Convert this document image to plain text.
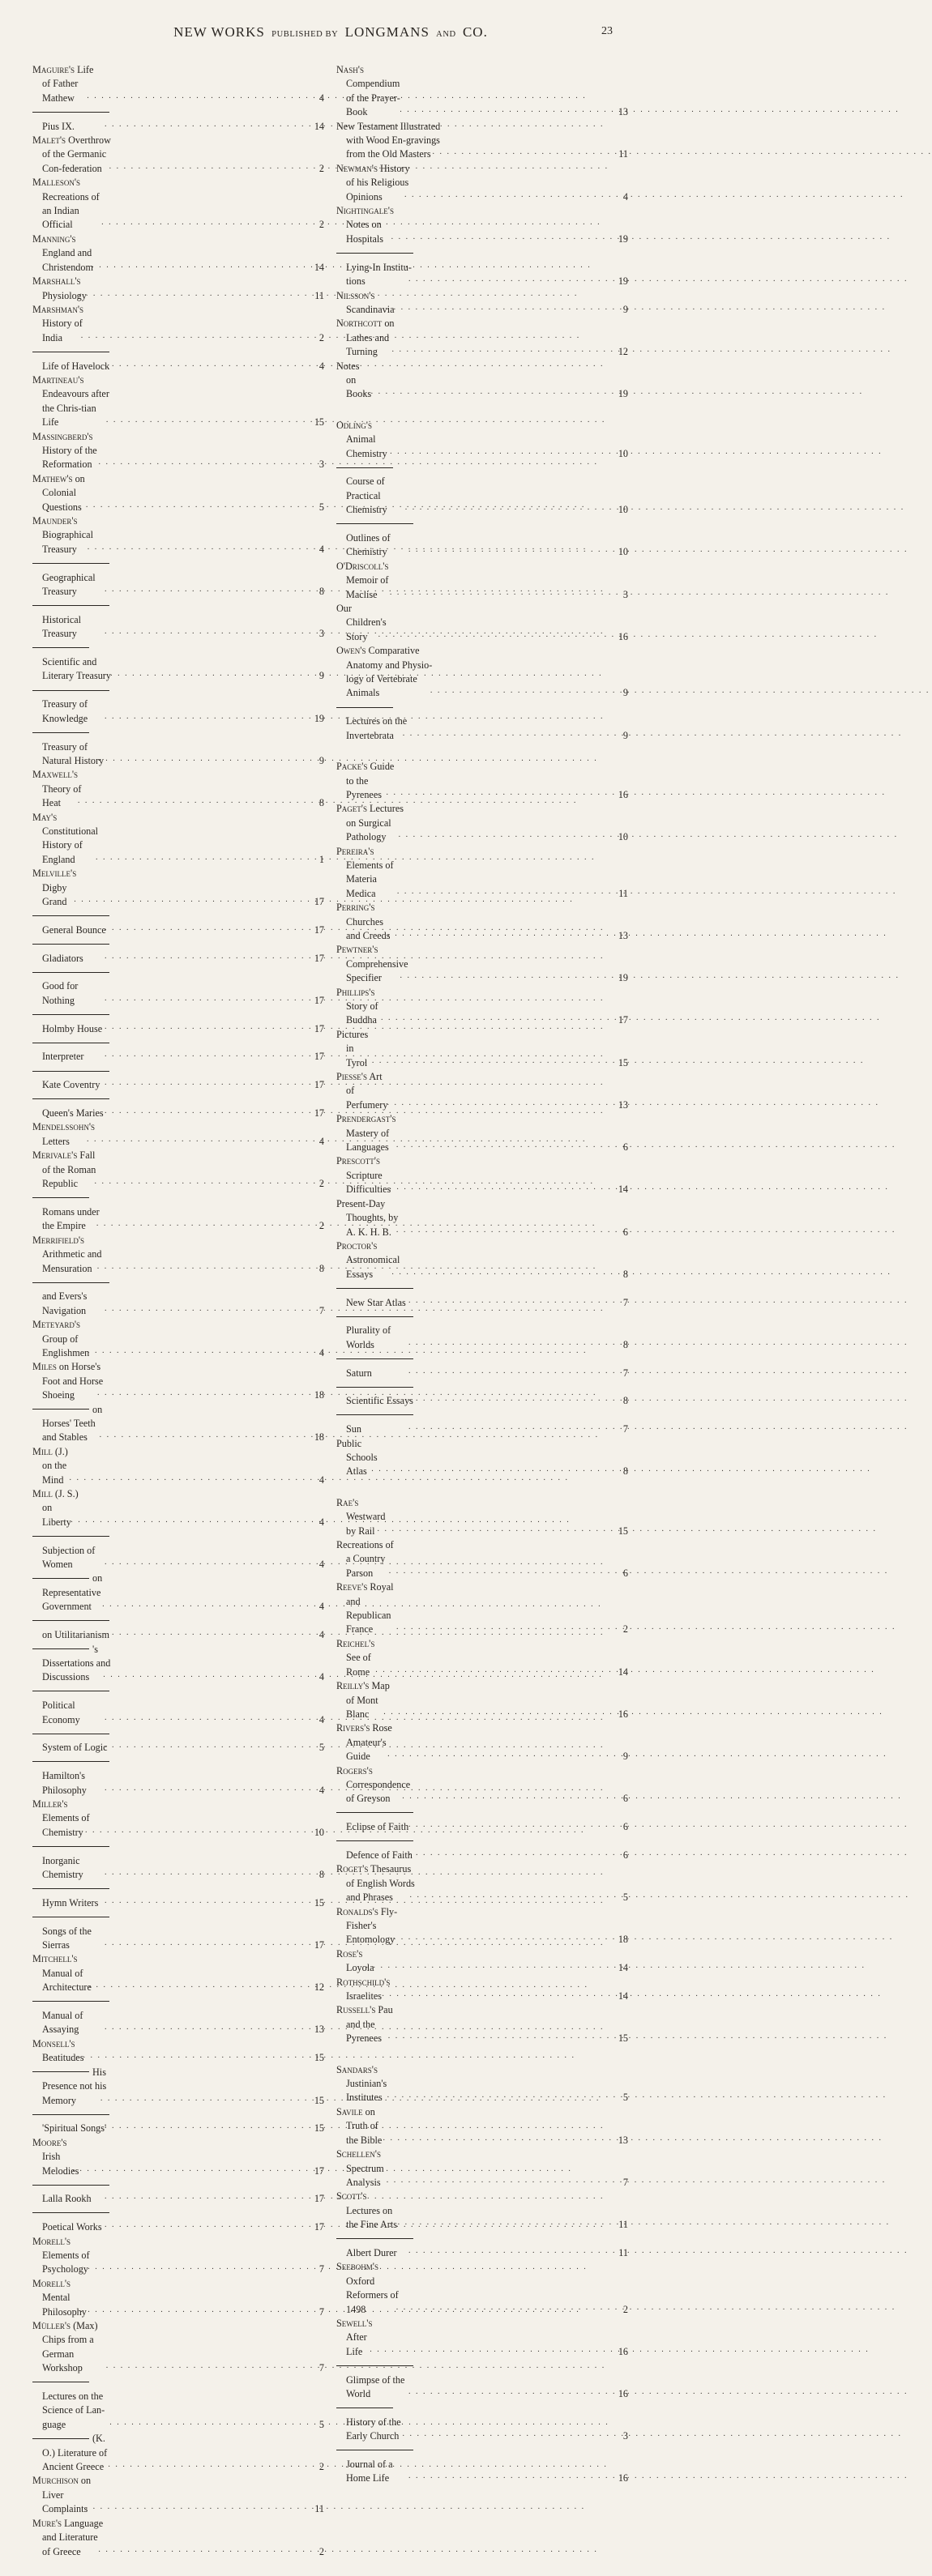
NEW WORKS PUBLISHED BY LONGMANS AND CO.	23
Maguire's Life of Father Mathew . . .	4
Pius IX. . . .	14
Malet's Overthrow of the Germanic Con-federation . . .	2
Malleson's Recreations of an Indian Official . . .	2
Manning's England and Christendom . . .	14
Marshall's Physiology . . .	11
Marshman's History of India . . .	2
Life of Havelock . . .	4
Martineau's Endeavours after the Chris-tian Life . . .	15
Massingberd's History of the Reformation . . .	3
Mathew's on Colonial Questions . . .	5
Maunder's Biographical Treasury . . .	4
Geographical Treasury . . .	8
Historical Treasury . . .	3
Scientific and Literary Treasury . . .	9
Treasury of Knowledge . . .	19
Treasury of Natural History . . .	9
Maxwell's Theory of Heat . . .	8
May's Constitutional History of England . . .	1
Melville's Digby Grand . . .	17
General Bounce . . .	17
Gladiators . . .	17
Good for Nothing . . .	17
Holmby House . . .	17
Interpreter . . .	17
Kate Coventry . . .	17
Queen's Maries . . .	17
Mendelssohn's Letters . . .	4
Merivale's Fall of the Roman Republic . . .	2
Romans under the Empire . . .	2
Merrifield's Arithmetic and Mensuration . . .	8
and Evers's Navigation . . .	7
Meteyard's Group of Englishmen . . .	4
Miles on Horse's Foot and Horse Shoeing . . .	18
on Horses' Teeth and Stables . . .	18
Mill (J.) on the Mind . . .	4
Mill (J. S.) on Liberty . . .	4
Subjection of Women . . .	4
on Representative Government . . .	4
on Utilitarianism . . .	4
's Dissertations and Discussions . . .	4
Political Economy . . .	4
System of Logic . . .	5
Hamilton's Philosophy . . .	4
Miller's Elements of Chemistry . . .	10
Inorganic Chemistry . . .	8
Hymn Writers . . .	15
Songs of the Sierras . . .	17
Mitchell's Manual of Architecture . . .	12
Manual of Assaying . . .	13
Monsell's Beatitudes . . .	15
His Presence not his Memory . . .	15
'Spiritual Songs' . . .	15
Moore's Irish Melodies . . .	17
Lalla Rookh . . .	17
Poetical Works . . .	17
Morell's Elements of Psychology . . .	7
Morell's Mental Philosophy . . .	7
Müller's (Max) Chips from a German Workshop . . .	7
Lectures on the Science of Lan-guage . . .	5
(K. O.) Literature of Ancient Greece . . .	2
Murchison on Liver Complaints . . .	11
Mure's Language and Literature of Greece . . .	2
Nash's Compendium of the Prayer-Book . . .	13
New Testament Illustrated with Wood En-gravings from the Old Masters . . .	11
Newman's History of his Religious Opinions . . .	4
Nightingale's Notes on Hospitals . . .	19
Lying-In Institu-tions . . .	19
Nilsson's Scandinavia . . .	9
Northcott on Lathes and Turning . . .	12
Notes on Books . . .	19
Odling's Animal Chemistry . . .	10
Course of Practical Chemistry . . .	10
Outlines of Chemistry . . .	10
O'Driscoll's Memoir of Maclise . . .	3
Our Children's Story . . .	16
Owen's Comparative Anatomy and Physio-logy of Vertebrate Animals . . .	9
Lectures on the Invertebrata . . .	9
Packe's Guide to the Pyrenees . . .	16
Paget's Lectures on Surgical Pathology . . .	10
Pereira's Elements of Materia Medica . . .	11
Perring's Churches and Creeds . . .	13
Pewtner's Comprehensive Specifier . . .	19
Phillips's Story of Buddha . . .	17
Pictures in Tyrol . . .	15
Piesse's Art of Perfumery . . .	13
Prendergast's Mastery of Languages . . .	6
Prescott's Scripture Difficulties . . .	14
Present-Day Thoughts, by A. K. H. B. . . .	6
Proctor's Astronomical Essays . . .	8
New Star Atlas . . .	7
Plurality of Worlds . . .	8
Saturn . . .	7
Scientific Essays . . .	8
Sun . . .	7
Public Schools Atlas . . .	8
Rae's Westward by Rail . . .	15
Recreations of a Country Parson . . .	6
Reeve's Royal and Republican France . . .	2
Reichel's See of Rome . . .	14
Reilly's Map of Mont Blanc . . .	16
Rivers's Rose Amateur's Guide . . .	9
Rogers's Correspondence of Greyson . . .	6
Eclipse of Faith . . .	6
Defence of Faith . . .	6
Roget's Thesaurus of English Words and Phrases . . .	5
Ronalds's Fly-Fisher's Entomology . . .	18
Rose's Loyola . . .	14
Rothschild's Israelites . . .	14
Russell's Pau and the Pyrenees . . .	15
Sandars's Justinian's Institutes . . .	5
Savile on Truth of the Bible . . .	13
Schellen's Spectrum Analysis . . .	7
Scott's Lectures on the Fine Arts . . .	11
Albert Durer . . .	11
Seebohm's Oxford Reformers of 1498 . . .	2
Sewell's After Life . . .	16
Glimpse of the World . . .	16
History of the Early Church . . .	3
Journal of a Home Life . . .	16
